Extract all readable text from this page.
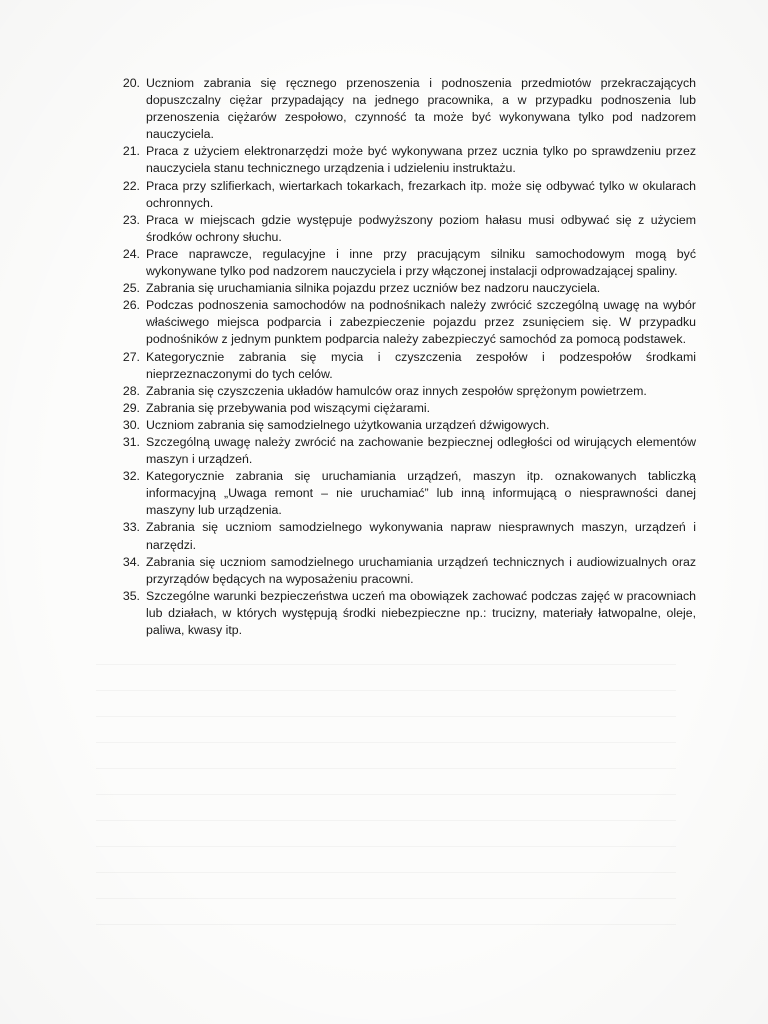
20. Uczniom zabrania się ręcznego przenoszenia i podnoszenia przedmiotów przekraczających dopuszczalny ciężar przypadający na jednego pracownika, a w przypadku podnoszenia lub przenoszenia ciężarów zespołowo, czynność ta może być wykonywana tylko pod nadzorem nauczyciela.
21. Praca z użyciem elektronarzędzi może być wykonywana przez ucznia tylko po sprawdzeniu przez nauczyciela stanu technicznego urządzenia i udzieleniu instruktażu.
22. Praca przy szlifierkach, wiertarkach tokarkach, frezarkach itp. może się odbywać tylko w okularach ochronnych.
23. Praca w miejscach gdzie występuje podwyższony poziom hałasu musi odbywać się z użyciem środków ochrony słuchu.
24. Prace naprawcze, regulacyjne i inne przy pracującym silniku samochodowym mogą być wykonywane tylko pod nadzorem nauczyciela i przy włączonej instalacji odprowadzającej spaliny.
25. Zabrania się uruchamiania silnika pojazdu przez uczniów bez nadzoru nauczyciela.
26. Podczas podnoszenia samochodów na podnośnikach należy zwrócić szczególną uwagę na wybór właściwego miejsca podparcia i zabezpieczenie pojazdu przez zsunięciem się. W przypadku podnośników z jednym punktem podparcia należy zabezpieczyć samochód za pomocą podstawek.
27. Kategorycznie zabrania się mycia i czyszczenia zespołów i podzespołów środkami nieprzeznaczonymi do tych celów.
28. Zabrania się czyszczenia układów hamulców oraz innych zespołów sprężonym powietrzem.
29. Zabrania się przebywania pod wiszącymi ciężarami.
30. Uczniom zabrania się samodzielnego użytkowania urządzeń dźwigowych.
31. Szczególną uwagę należy zwrócić na zachowanie bezpiecznej odległości od wirujących elementów maszyn i urządzeń.
32. Kategorycznie zabrania się uruchamiania urządzeń, maszyn itp. oznakowanych tabliczką informacyjną „Uwaga remont – nie uruchamiać” lub inną informującą o niesprawności danej maszyny lub urządzenia.
33. Zabrania się uczniom samodzielnego wykonywania napraw niesprawnych maszyn, urządzeń i narzędzi.
34. Zabrania się uczniom samodzielnego uruchamiania urządzeń technicznych i audiowizualnych oraz przyrządów będących na wyposażeniu pracowni.
35. Szczególne warunki bezpieczeństwa uczeń ma obowiązek zachować podczas zajęć w pracowniach lub działach, w których występują środki niebezpieczne np.: trucizny, materiały łatwopalne, oleje, paliwa, kwasy itp.
